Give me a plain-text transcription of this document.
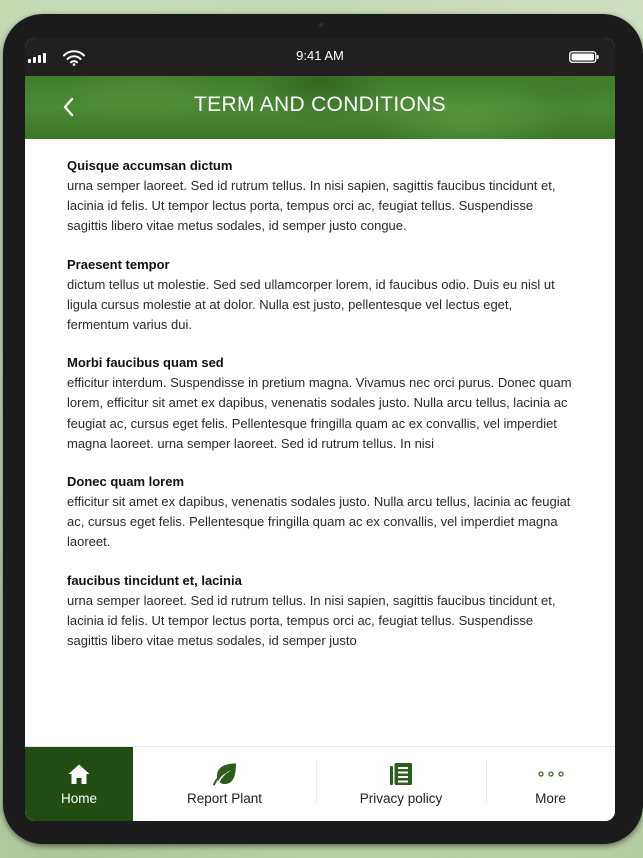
9:41 AM
TERM AND CONDITIONS
Quisque accumsan dictum
urna semper laoreet. Sed id rutrum tellus. In nisi sapien, sagittis faucibus tincidunt et, lacinia id felis. Ut tempor lectus porta, tempus orci ac, feugiat tellus. Suspendisse sagittis libero vitae metus sodales, id semper justo congue.
Praesent tempor
dictum tellus ut molestie. Sed sed ullamcorper lorem, id faucibus odio. Duis eu nisl ut ligula cursus molestie at at dolor. Nulla est justo, pellentesque vel lectus eget, fermentum varius dui.
Morbi faucibus quam sed
efficitur interdum. Suspendisse in pretium magna. Vivamus nec orci purus. Donec quam lorem, efficitur sit amet ex dapibus, venenatis sodales justo. Nulla arcu tellus, lacinia ac feugiat ac, cursus eget felis. Pellentesque fringilla quam ac ex convallis, vel imperdiet magna laoreet. urna semper laoreet. Sed id rutrum tellus. In nisi
Donec quam lorem
efficitur sit amet ex dapibus, venenatis sodales justo. Nulla arcu tellus, lacinia ac feugiat ac, cursus eget felis. Pellentesque fringilla quam ac ex convallis, vel imperdiet magna laoreet.
faucibus tincidunt et, lacinia
urna semper laoreet. Sed id rutrum tellus. In nisi sapien, sagittis faucibus tincidunt et, lacinia id felis. Ut tempor lectus porta, tempus orci ac, feugiat tellus. Suspendisse sagittis libero vitae metus sodales, id semper justo
Home	Report Plant	Privacy policy	More
